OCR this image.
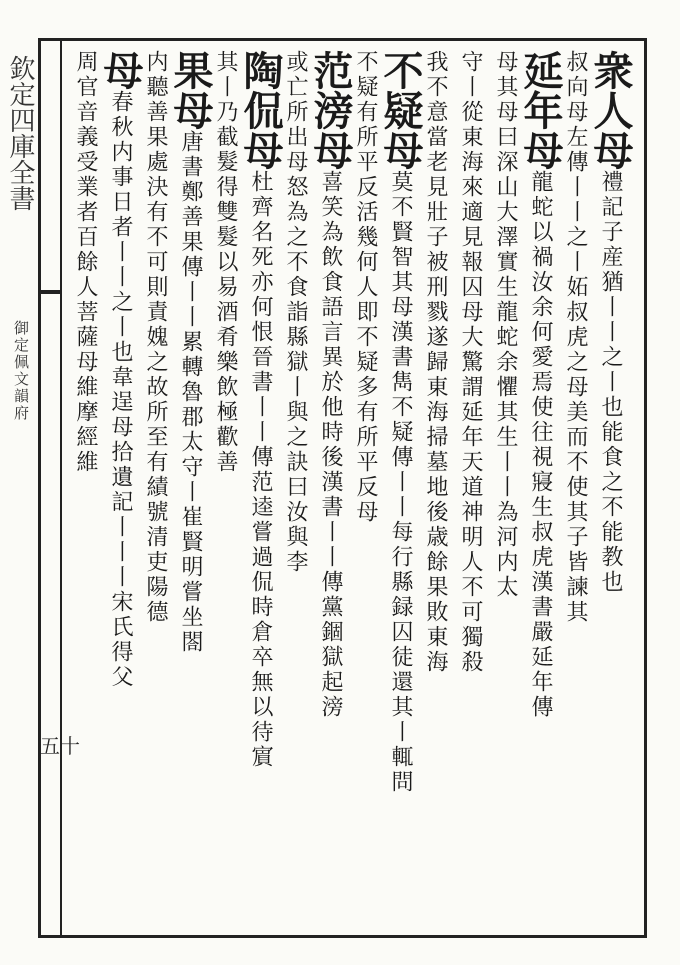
欽定四庫全書
御定佩文韻府
五十
衆人母禮記子産猶丨丨之丨也能食之不能教也
叔向母左傳丨丨之丨妬叔虎之母美而不使其子皆諫其
延年母龍蛇以禍汝余何愛焉使往視寢生叔虎漢書嚴延年傳
母其母曰深山大澤實生龍蛇余懼其生丨丨為河内太
守丨從東海來適見報囚母大驚謂延年天道神明人不可獨殺
我不意當老見壯子被刑戮遂歸東海掃墓地後歳餘果敗東海
不疑母莫不賢智其母漢書雋不疑傳丨丨每行縣録囚徒還其丨輒問
不疑有所平反活幾何人即不疑多有所平反母
范滂母喜笑為飲食語言異於他時後漢書丨丨傳黨錮獄起滂
或亡所出母怒為之不食詣縣獄丨與之訣曰汝與李
陶侃母杜齊名死亦何恨晉書丨丨傳范逵嘗過侃時倉卒無以待賔
其丨乃截髮得雙髮以易酒肴樂飲極歡善
果母唐書鄭善果傳丨丨累轉魯郡太守丨崔賢明嘗坐閤
内聽善果處決有不可則責媿之故所至有績號清吏陽德
母春秋内事日者丨丨之丨也韋逞母拾遺記丨丨丨宋氏得父
周官音義受業者百餘人菩薩母維摩經維
